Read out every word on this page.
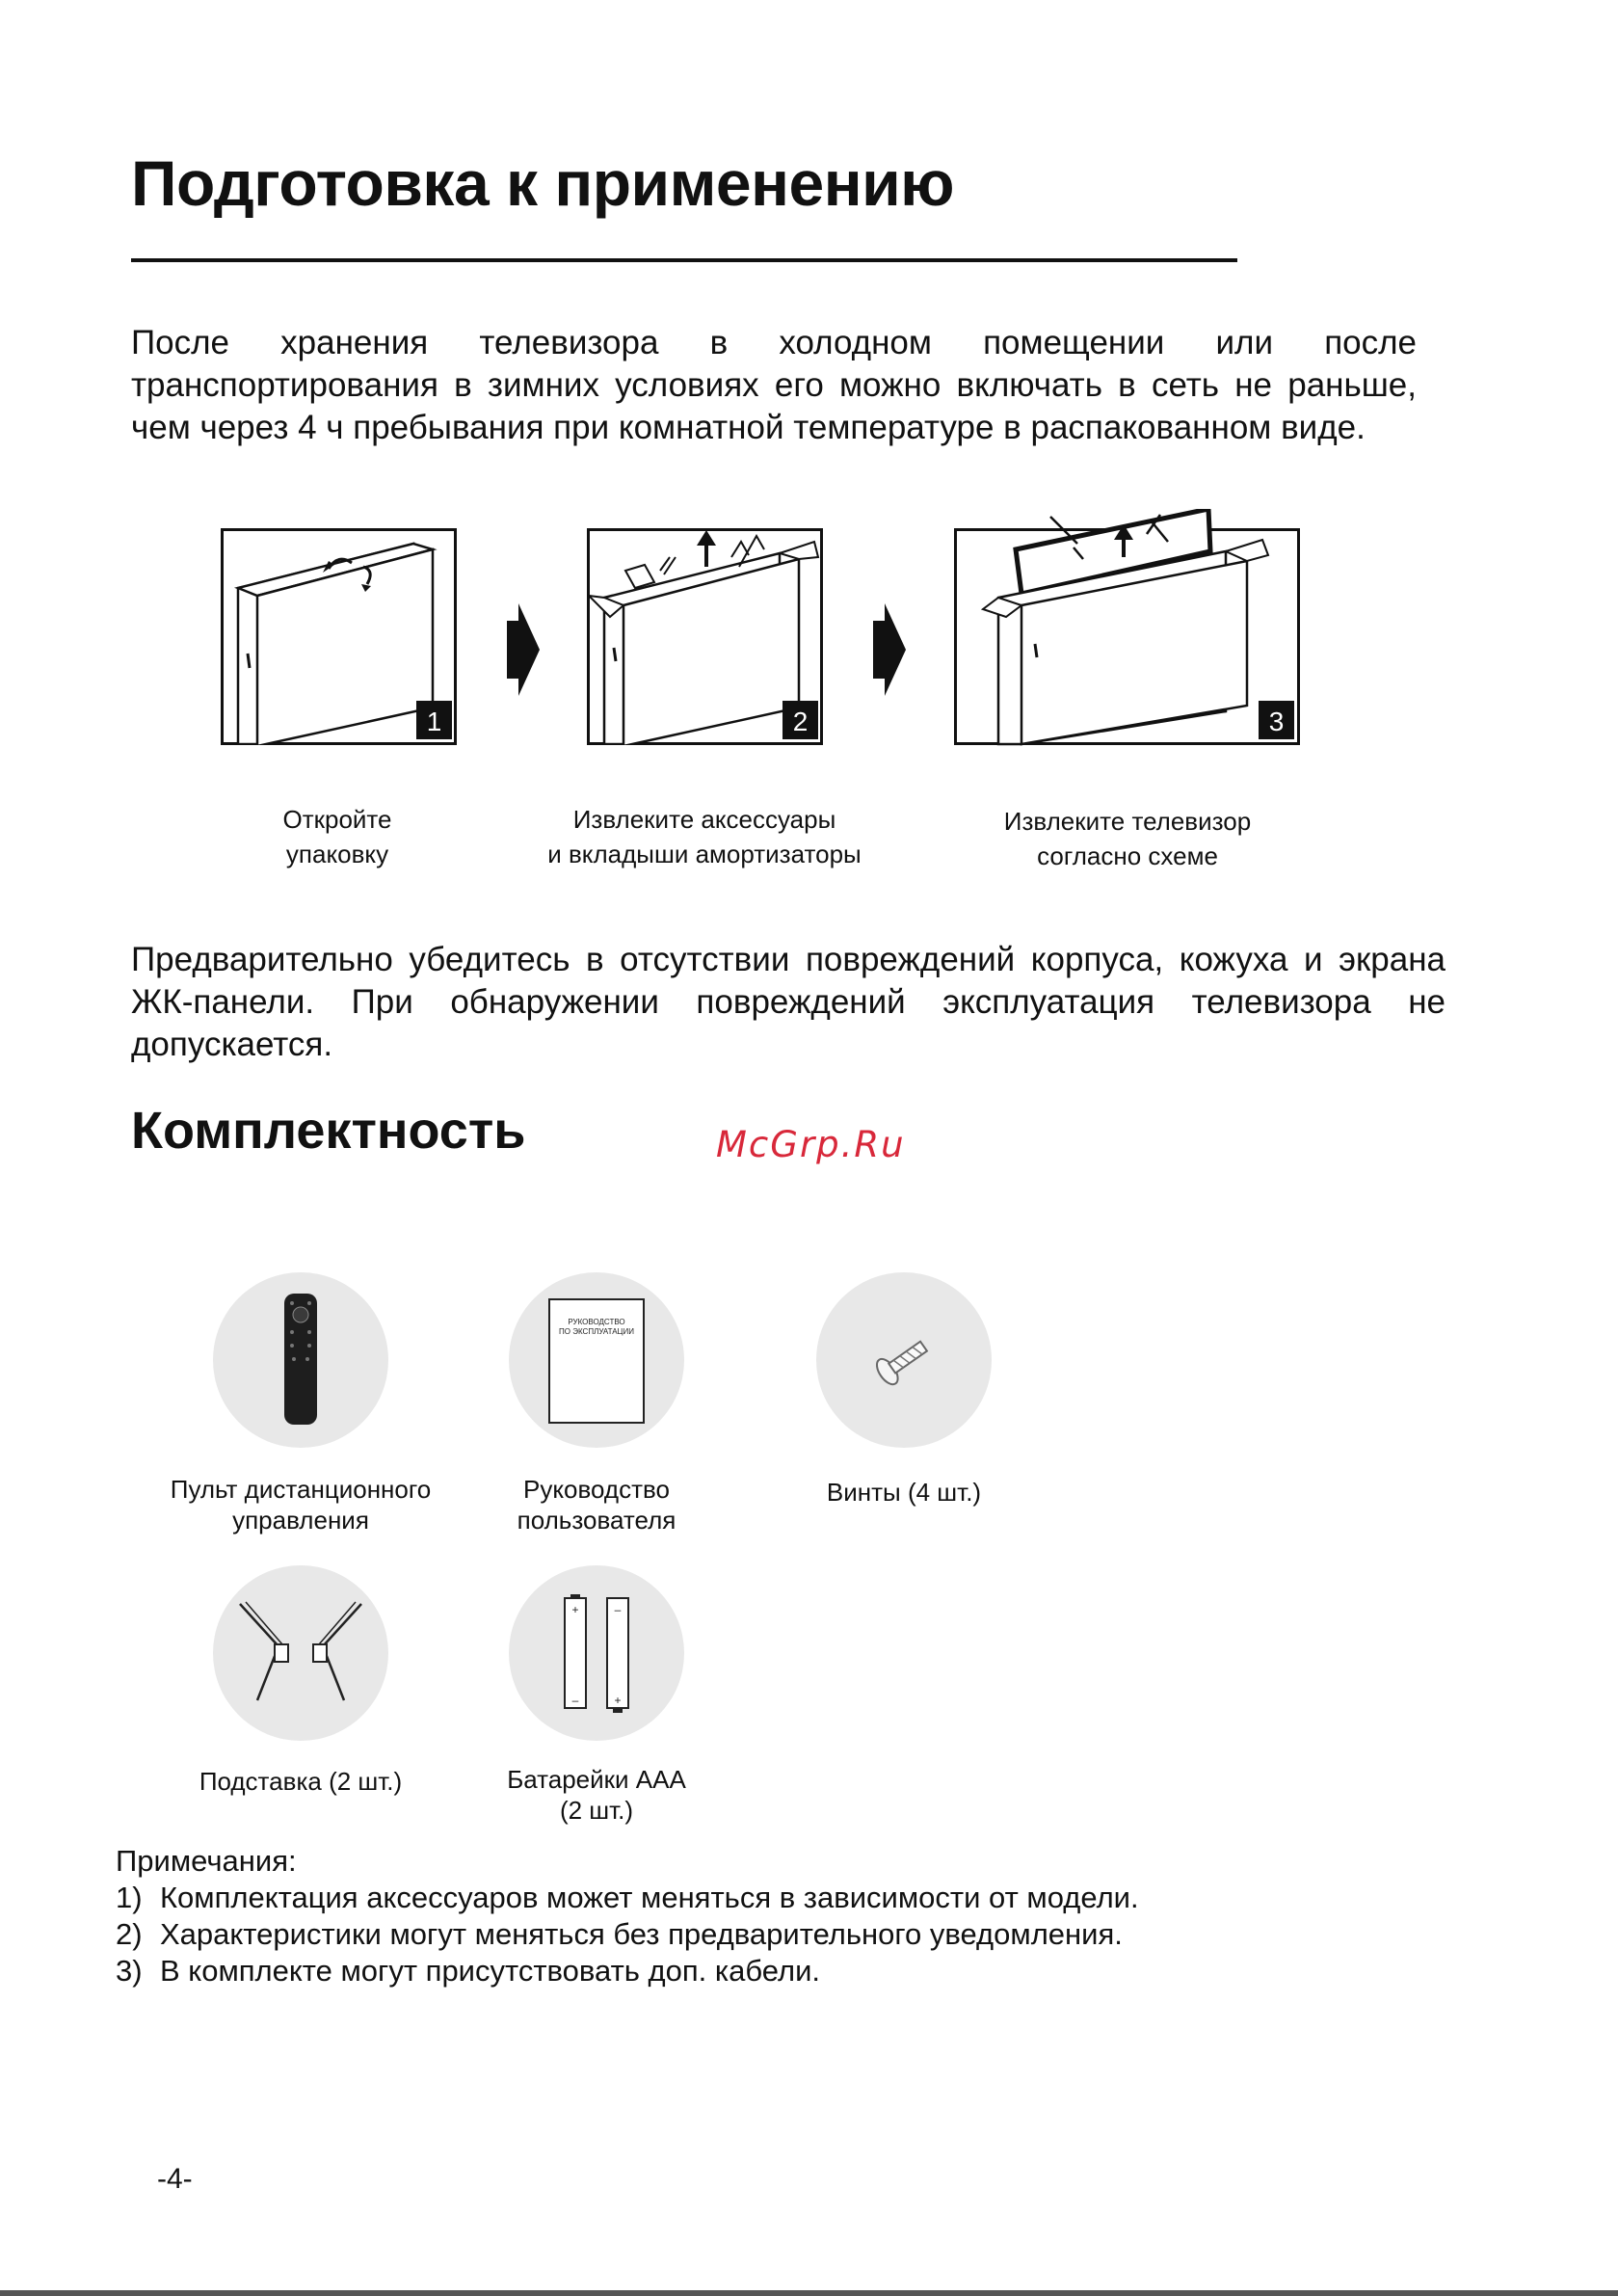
Подготовка к применению

После хранения телевизора в холодном помещении или после транспортирования в зимних условиях его можно включать в сеть не раньше, чем через 4 ч пребывания при комнатной температуре в распакованном виде.

1
Откройте
упаковку
2
Извлеките аксессуары
и вкладыши амортизаторы
3
Извлеките телевизор
согласно схеме

Предварительно убедитесь в отсутствии повреждений корпуса, кожуха и экрана ЖК-панели. При обнаружении повреждений эксплуатация телевизора не допускается.

Комплектность	McGrp.Ru
Пульт дистанционного
управления
РУКОВОДСТВО
ПО ЭКСПЛУАТАЦИИ
Руководство
пользователя
Винты (4 шт.)
Подставка (2 шт.)
+
–
–
+
Батарейки AAA
(2 шт.)
Примечания:
1) Комплектация аксессуаров может меняться в зависимости от модели.
2) Характеристики могут меняться без предварительного уведомления.
3) В комплекте могут присутствовать доп. кабели.
-4-
